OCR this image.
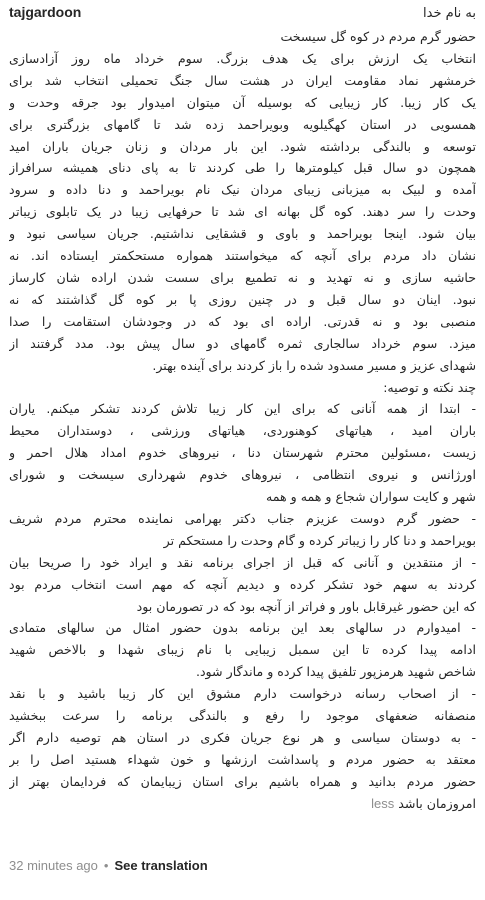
tajgardoon	به نام خدا
حضور گرم مردم در کوه گل سیسخت
انتخاب یک ارزش برای یک هدف بزرگ. سوم خرداد ماه روز آزادسازی
خرمشهر نماد مقاومت ایران در هشت سال جنگ تحمیلی انتخاب شد برای
یک کار زیبا. کار زیبایی که بوسیله آن میتوان امیدوار بود جرقه وحدت و
همسویی در استان کهگیلویه وبویراحمد زده شد تا گامهای بزرگتری برای
توسعه و بالندگی برداشته شود. این بار مردان و زنان جریان باران امید
همچون دو سال قبل کیلومترها را طی کردند تا به پای دنای همیشه سرافراز
آمده و لبیک به میزبانی زیبای مردان نیک نام بویراحمد و دنا داده و سرود
وحدت را سر دهند. کوه گل بهانه ای شد تا حرفهایی زیبا در یک تابلوی زیباتر
بیان شود. اینجا بویراحمد و باوی و قشقایی نداشتیم. جریان سیاسی نبود و
نشان داد مردم برای آنچه که میخواستند همواره مستحکمتر ایستاده اند. نه
حاشیه سازی و نه تهدید و نه تطمیع برای سست شدن اراده شان کارساز
نبود. اینان دو سال قبل و در چنین روزی پا بر کوه گل گذاشتند که نه
منصبی بود و نه قدرتی. اراده ای بود که در وجودشان استقامت را صدا
میزد. سوم خرداد سالجاری ثمره گامهای دو سال پیش بود. مدد گرفتند از
شهدای عزیز و مسیر مسدود شده را باز کردند برای آینده بهتر.
چند نکته و توصیه:
- ابتدا از همه آنانی که برای این کار زیبا تلاش کردند تشکر میکنم. یاران
باران امید ، هیاتهای کوهنوردی، هیاتهای ورزشی ، دوستداران محیط
زیست ،مسئولین محترم شهرستان دنا ، نیروهای خدوم امداد هلال احمر و
اورژانس و نیروی انتظامی ، نیروهای خدوم شهرداری سیسخت و شورای
شهر و کایت سواران شجاع و همه و همه
- حضور گرم دوست عزیزم جناب دکتر بهرامی نماینده محترم مردم شریف
بویراحمد و دنا کار را زیباتر کرده و گام وحدت را مستحکم تر
- از منتقدین و آنانی که قبل از اجرای برنامه نقد و ایراد خود را صریحا بیان
کردند به سهم خود تشکر کرده و دیدیم آنچه که مهم است انتخاب مردم بود
که این حضور غیرقابل باور و فراتر از آنچه بود که در تصورمان بود
- امیدوارم در سالهای بعد این برنامه بدون حضور امثال من سالهای متمادی
ادامه پیدا کرده تا این سمبل زیبایی با نام زیبای شهدا و بالاخص شهید
شاخص شهید هرمزپور تلفیق پیدا کرده و ماندگار شود.
- از اصحاب رسانه درخواست دارم مشوق این کار زیبا باشید و با نقد
منصفانه ضعفهای موجود را رفع و بالندگی برنامه را سرعت ببخشید
- به دوستان سیاسی و هر نوع جریان فکری در استان هم توصیه دارم اگر
معتقد به حضور مردم و پاسداشت ارزشها و خون شهداء هستید اصل را بر
حضور مردم بدانید و همراه باشیم برای استان زیبایمان که فردایمان بهتر از
امروزمان باشد less
32 minutes ago • See translation
